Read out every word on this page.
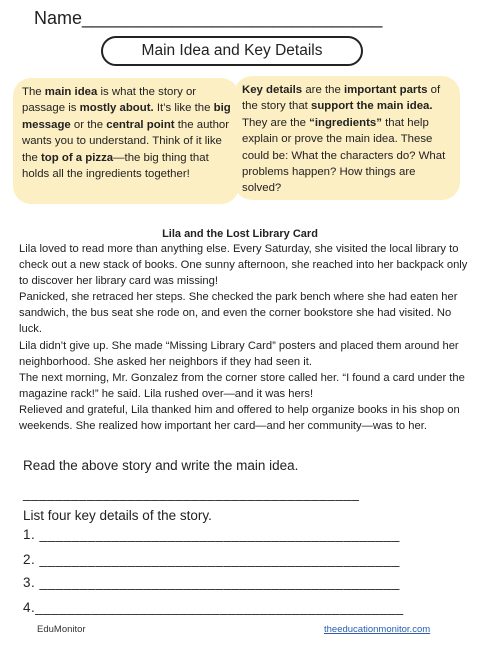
Name______________________________
Main Idea and Key Details
The main idea is what the story or passage is mostly about. It’s like the big message or the central point the author wants you to understand. Think of it like the top of a pizza—the big thing that holds all the ingredients together!
Key details are the important parts of the story that support the main idea. They are the “ingredients” that help explain or prove the main idea. These could be: What the characters do? What problems happen? How things are solved?
Lila and the Lost Library Card

Lila loved to read more than anything else. Every Saturday, she visited the local library to check out a new stack of books. One sunny afternoon, she reached into her backpack only to discover her library card was missing!

Panicked, she retraced her steps. She checked the park bench where she had eaten her sandwich, the bus seat she rode on, and even the corner bookstore she had visited. No luck.

Lila didn’t give up. She made “Missing Library Card” posters and placed them around her neighborhood. She asked her neighbors if they had seen it.

The next morning, Mr. Gonzalez from the corner store called her. “I found a card under the magazine rack!” he said. Lila rushed over—and it was hers!

Relieved and grateful, Lila thanked him and offered to help organize books in his shop on weekends. She realized how important her card—and her community—was to her.

Read the above story and write the main idea.
__________________________________________
List four key details of the story.
1. _____________________________________________
2. _____________________________________________
3. _____________________________________________
4.______________________________________________
EduMonitor	theeducationmonitor.com
